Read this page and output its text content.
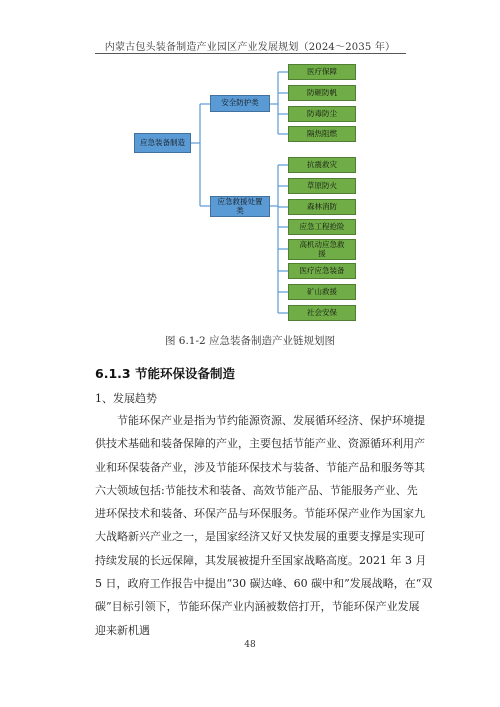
内蒙古包头装备制造产业园区产业发展规划（2024～2035 年）
应急装备制造
安全防护类
应急救援处置类
医疗保障
防砸防帆
防毒防尘
隔热阻燃
抗震救灾
草原防火
森林消防
应急工程抢险
高机动应急救援
医疗应急装备
矿山救援
社会安保
图 6.1-2 应急装备制造产业链规划图
6.1.3 节能环保设备制造
1、发展趋势
节能环保产业是指为节约能源资源、发展循环经济、保护环境提
供技术基础和装备保障的产业，主要包括节能产业、资源循环利用产
业和环保装备产业，涉及节能环保技术与装备、节能产品和服务等其
六大领域包括:节能技术和装备、高效节能产品、节能服务产业、先
进环保技术和装备、环保产品与环保服务。节能环保产业作为国家九
大战略新兴产业之一，是国家经济又好又快发展的重要支撑是实现可
持续发展的长远保障，其发展被提升至国家战略高度。2021 年 3 月
5 日，政府工作报告中提出“30 碳达峰、60 碳中和”发展战略，在“双
碳”目标引领下，节能环保产业内涵被数倍打开，节能环保产业发展
迎来新机遇
48
